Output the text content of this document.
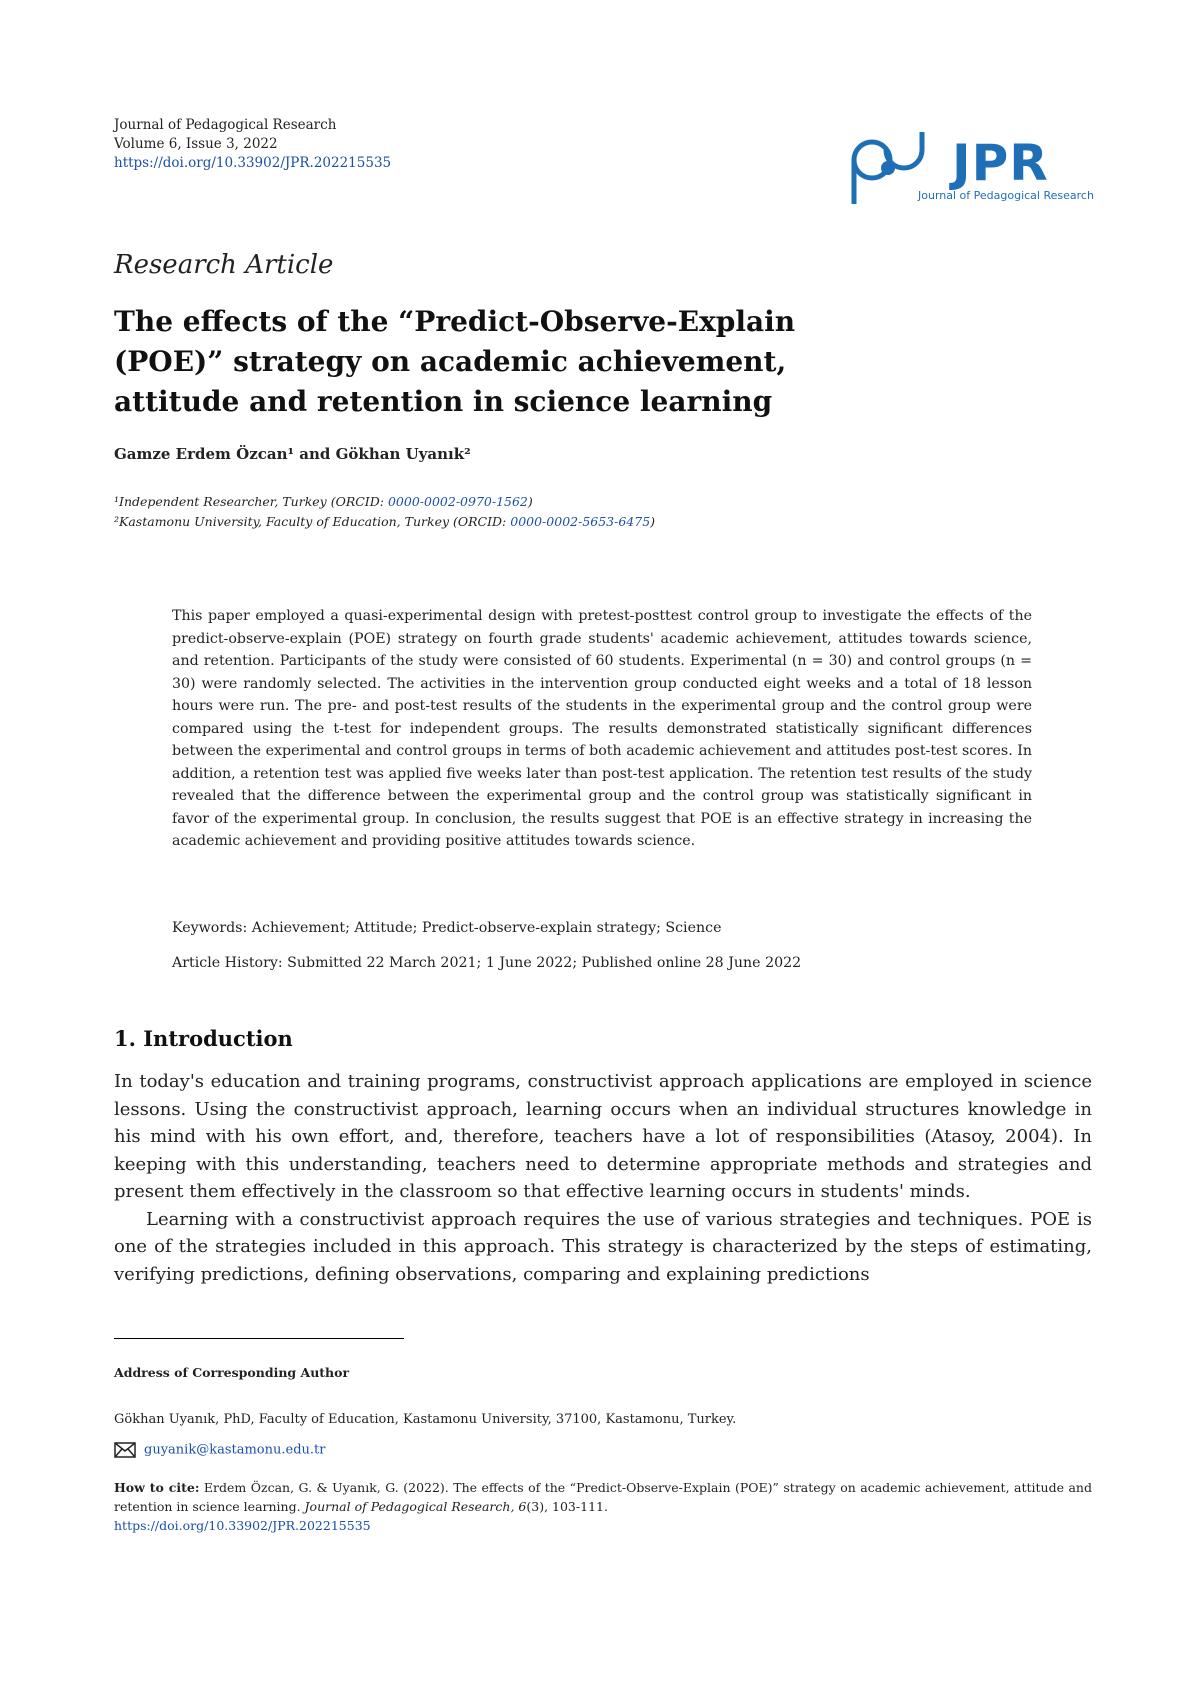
Journal of Pedagogical Research
Volume 6, Issue 3, 2022
https://doi.org/10.33902/JPR.202215535	JPR
Journal of Pedagogical Research
Research Article
The effects of the “Predict-Observe-Explain (POE)” strategy on academic achievement, attitude and retention in science learning
Gamze Erdem Özcan¹ and Gökhan Uyanık²
¹Independent Researcher, Turkey (ORCID: 0000-0002-0970-1562)
²Kastamonu University, Faculty of Education, Turkey (ORCID: 0000-0002-5653-6475)
This paper employed a quasi-experimental design with pretest-posttest control group to investigate the effects of the predict-observe-explain (POE) strategy on fourth grade students' academic achievement, attitudes towards science, and retention. Participants of the study were consisted of 60 students. Experimental (n = 30) and control groups (n = 30) were randomly selected. The activities in the intervention group conducted eight weeks and a total of 18 lesson hours were run. The pre- and post-test results of the students in the experimental group and the control group were compared using the t-test for independent groups. The results demonstrated statistically significant differences between the experimental and control groups in terms of both academic achievement and attitudes post-test scores. In addition, a retention test was applied five weeks later than post-test application. The retention test results of the study revealed that the difference between the experimental group and the control group was statistically significant in favor of the experimental group. In conclusion, the results suggest that POE is an effective strategy in increasing the academic achievement and providing positive attitudes towards science.
Keywords: Achievement; Attitude; Predict-observe-explain strategy; Science
Article History: Submitted 22 March 2021; 1 June 2022; Published online 28 June 2022
1. Introduction

In today's education and training programs, constructivist approach applications are employed in science lessons. Using the constructivist approach, learning occurs when an individual structures knowledge in his mind with his own effort, and, therefore, teachers have a lot of responsibilities (Atasoy, 2004). In keeping with this understanding, teachers need to determine appropriate methods and strategies and present them effectively in the classroom so that effective learning occurs in students' minds.

Learning with a constructivist approach requires the use of various strategies and techniques. POE is one of the strategies included in this approach. This strategy is characterized by the steps of estimating, verifying predictions, defining observations, comparing and explaining predictions

Address of Corresponding Author
Gökhan Uyanık, PhD, Faculty of Education, Kastamonu University, 37100, Kastamonu, Turkey.
guyanik@kastamonu.edu.tr
How to cite: Erdem Özcan, G. & Uyanık, G. (2022). The effects of the “Predict-Observe-Explain (POE)” strategy on academic achievement, attitude and retention in science learning. Journal of Pedagogical Research, 6(3), 103-111.
https://doi.org/10.33902/JPR.202215535
